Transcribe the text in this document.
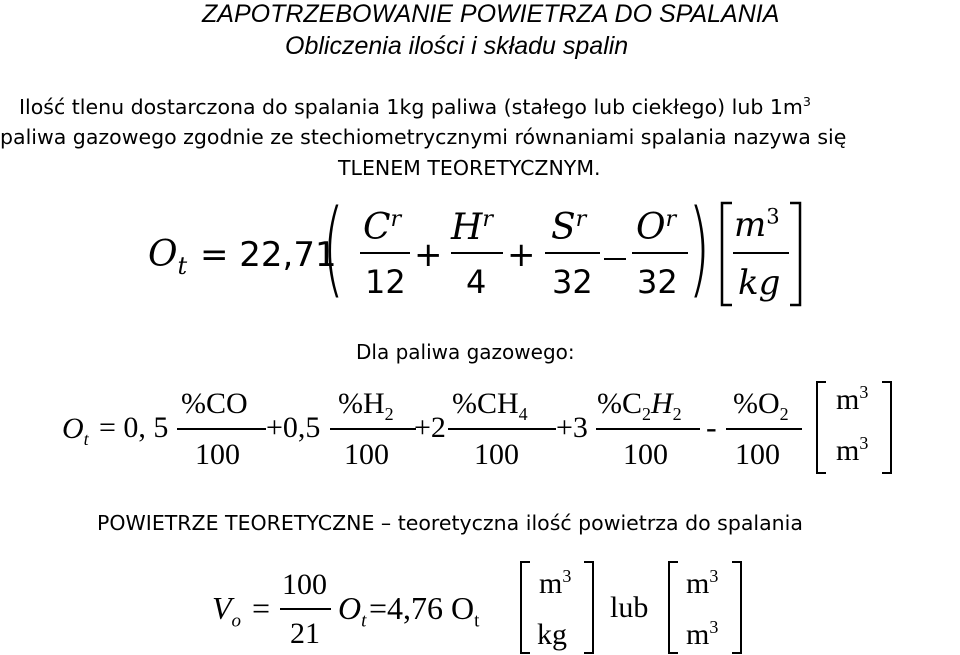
ZAPOTRZEBOWANIE POWIETRZA DO SPALANIA
Obliczenia ilości i składu spalin
Ilość tlenu dostarczona do spalania 1kg paliwa (stałego lub ciekłego) lub $1m^3$
paliwa gazowego zgodnie ze stechiometrycznymi równaniami spalania nazywa się
TLENEM TEORETYCZNYM.
$O_t = 22,71$
( $C^r$
12
+
$H^r$
4
+
$S^r$
32
$O^r$
32 ) $m^3$
kg
Dla paliwa gazowego:
$O_t = 0$, 5
%CO
100
+0,5
$\%H_2$
100
+2
$\%CH_4$
100
+3
$\%C_2H_2$
100
-
$\%O_2$
100
$m^3$
$m^3$
POWIETRZE TEORETYCZNE – teoretyczna ilość powietrza do spalania
$V_o$ =
100
21
$O_t =4,76$ $O_t$
$m^3$
kg
lub
$m^3$
$m^3$
